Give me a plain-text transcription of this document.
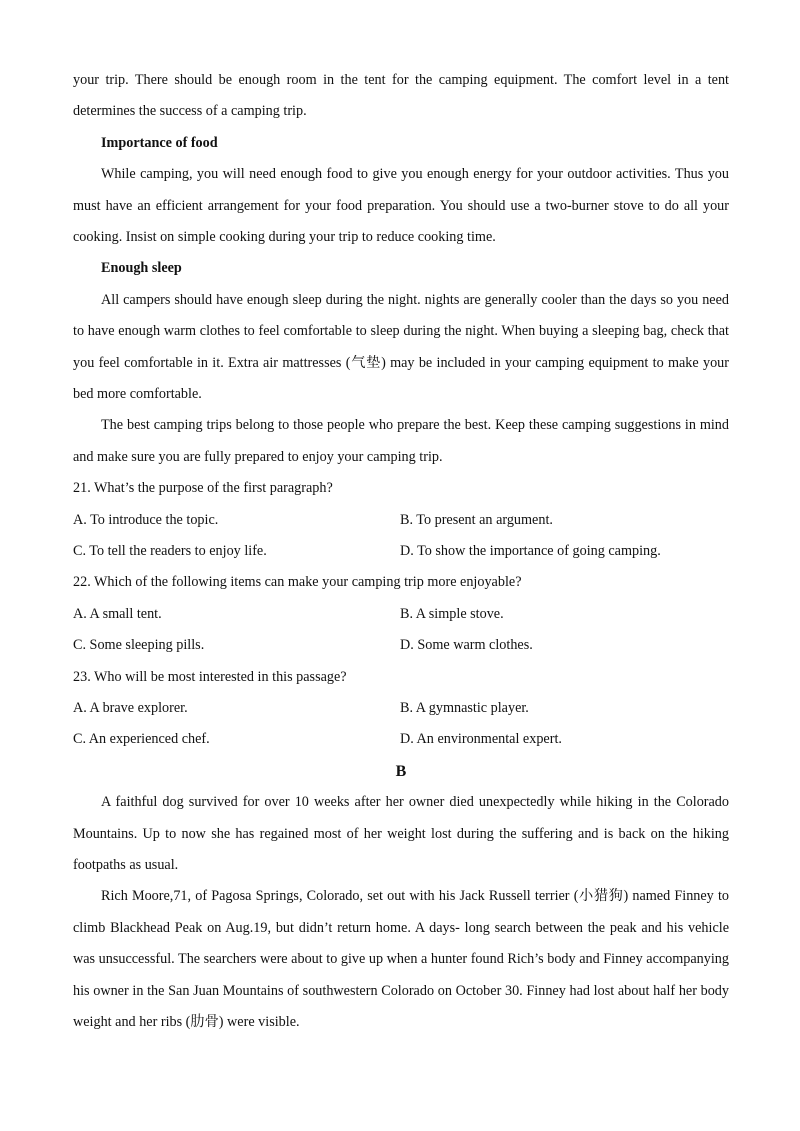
your trip. There should be enough room in the tent for the camping equipment. The comfort level in a tent determines the success of a camping trip.

Importance of food

While camping, you will need enough food to give you enough energy for your outdoor activities. Thus you must have an efficient arrangement for your food preparation. You should use a two-burner stove to do all your cooking. Insist on simple cooking during your trip to reduce cooking time.

Enough sleep

All campers should have enough sleep during the night. nights are generally cooler than the days so you need to have enough warm clothes to feel comfortable to sleep during the night. When buying a sleeping bag, check that you feel comfortable in it. Extra air mattresses (气垫) may be included in your camping equipment to make your bed more comfortable.

The best camping trips belong to those people who prepare the best. Keep these camping suggestions in mind and make sure you are fully prepared to enjoy your camping trip.

21. What’s the purpose of the first paragraph?
A. To introduce the topic.	B. To present an argument.
C. To tell the readers to enjoy life.	D. To show the importance of going camping.
22. Which of the following items can make your camping trip more enjoyable?
A. A small tent.	B. A simple stove.
C. Some sleeping pills.	D. Some warm clothes.
23. Who will be most interested in this passage?
A. A brave explorer.	B. A gymnastic player.
C. An experienced chef.	D. An environmental expert.
B

A faithful dog survived for over 10 weeks after her owner died unexpectedly while hiking in the Colorado Mountains. Up to now she has regained most of her weight lost during the suffering and is back on the hiking footpaths as usual.

Rich Moore,71, of Pagosa Springs, Colorado, set out with his Jack Russell terrier (小猎狗) named Finney to climb Blackhead Peak on Aug.19, but didn’t return home. A days- long search between the peak and his vehicle was unsuccessful. The searchers were about to give up when a hunter found Rich’s body and Finney accompanying his owner in the San Juan Mountains of southwestern Colorado on October 30. Finney had lost about half her body weight and her ribs (肋骨) were visible.
